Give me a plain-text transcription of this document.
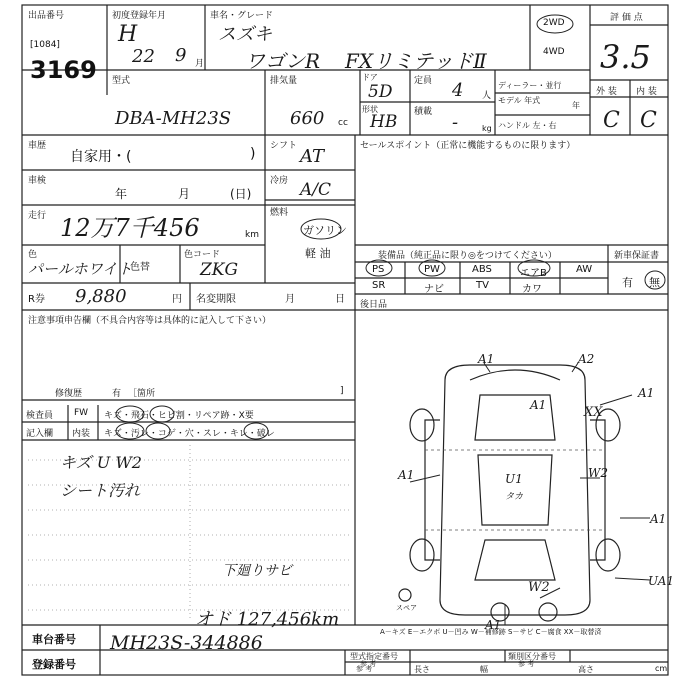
出品番号
[1084]
3169
初度登録年月
H
22 9 月
車名・グレード
スズキ
ワゴンR FXリミテッドⅡ
2WD
4WD
評 価 点
3.5
型式
DBA-MH23S
排気量
660 cc
ドア
5D
定員 4 人
形状
HB 積載 -	kg
ディーラー・並行
モデル 年式
年
ハンドル 左・右
外 装 内 装
C C
車歴
自家用・(	) シフト AT
車検
年	月	(日)
冷房 A/C
走行 12万7千456	km
燃料
ガソリン
軽 油
色
パールホワイト
色替
色コード
ZKG
R券 9,880	円 名変期限	月	日
セールスポイント（正常に機能するものに限ります）
装備品（純正品に限り◎をつけてください）
PS	PW	ABS	エアB	AW
SR	ナビ	TV	カワ
後日品
新車保証書
有 無
注意事項申告欄（不具合内容等は具体的に記入して下さい）
修復歴	有 ［箇所	]
検査員
記入欄
FW キズ・飛石・ヒビ割・リペア跡・X要
内装 キズ・汚レ・コゲ・穴・スレ・キレ・破レ
キズ U W2
シート汚れ
下廻りサビ
オド 127,456km
A1	A2
A1
XX
A1
A1	W2
U1
タカ
A1
UA1
W2
A1
スペア
A－キズ E－エクボ U－凹み W－補修跡 S－サビ C－腐食 XX－取替済
車台番号 MH23S-344886
登録番号
型式指定番号
参 考
類別区分番号
参 考
長さ	幅	高さ	cm
参 考
